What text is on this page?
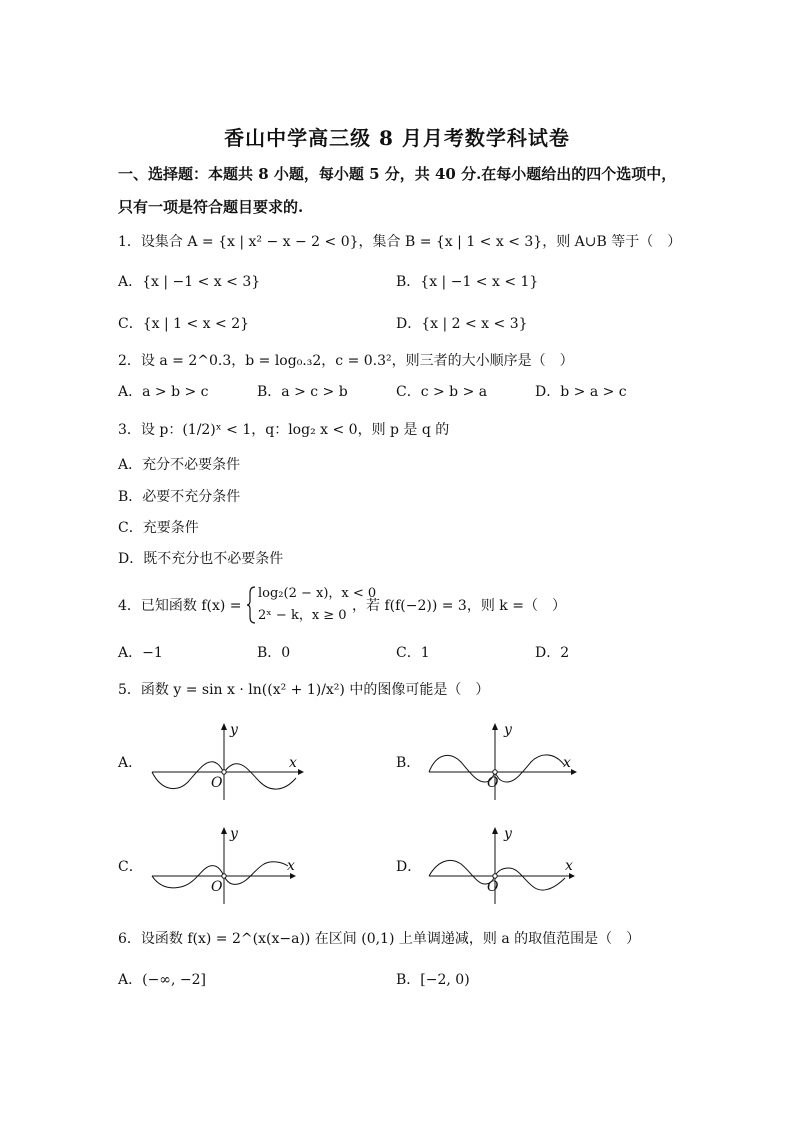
香山中学高三级 8 月月考数学科试卷
一、选择题：本题共 8 小题，每小题 5 分，共 40 分.在每小题给出的四个选项中，
只有一项是符合题目要求的.
1．设集合 A = {x | x² − x − 2 < 0}，集合 B = {x | 1 < x < 3}，则 A∪B 等于（　）
A．{x | −1 < x < 3}	B．{x | −1 < x < 1}
C．{x | 1 < x < 2}	D．{x | 2 < x < 3}
2．设 a = 2^0.3，b = log₀.₃2，c = 0.3²，则三者的大小顺序是（　）
A．a > b > c	B．a > c > b	C．c > b > a	D．b > a > c
3．设 p：(1/2)ˣ < 1，q：log₂ x < 0，则 p 是 q 的
A．充分不必要条件
B．必要不充分条件
C．充要条件
D．既不充分也不必要条件
4．已知函数 f(x) =
log₂(2 − x)，x < 0
2ˣ − k，x ≥ 0
，若 f(f(−2)) = 3，则 k =（　）
A．−1	B．0	C．1	D．2
5．函数 y = sin x · ln((x² + 1)/x²) 中的图像可能是（　）
A．
y
x
O
B．
y
x
O
C．
y
x
O
D．
y
x
O
6．设函数 f(x) = 2^(x(x−a)) 在区间 (0,1) 上单调递减，则 a 的取值范围是（　）
A．(−∞, −2]	B．[−2, 0)
